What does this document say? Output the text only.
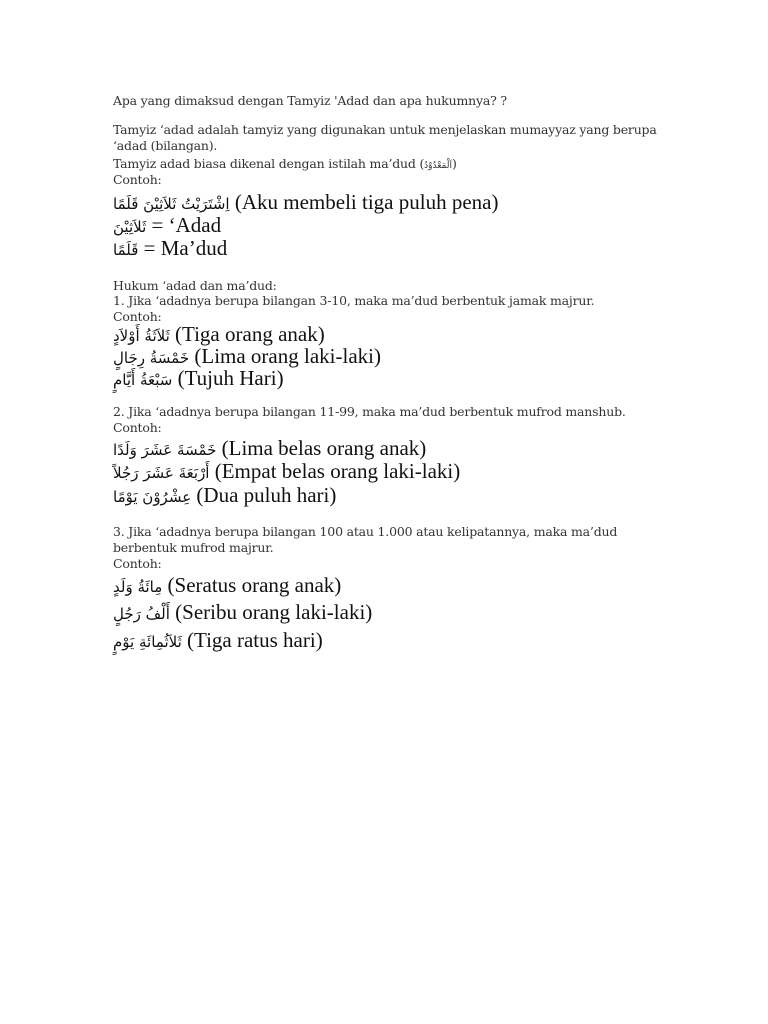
Apa yang dimaksud dengan Tamyiz 'Adad dan apa hukumnya? ?
Tamyiz ‘adad adalah tamyiz yang digunakan untuk menjelaskan mumayyaz yang berupa
‘adad (bilangan).
Tamyiz adad biasa dikenal dengan istilah ma’dud (اَلْمَعْدُوْدُ)
Contoh:
اِشْتَرَيْتُ ثَلاَثِيْنَ قَلَمًا (Aku membeli tiga puluh pena)
ثَلاَثِيْنَ = ‘Adad
قَلَمًا = Ma’dud
Hukum ‘adad dan ma’dud:
1. Jika ‘adadnya berupa bilangan 3-10, maka ma’dud berbentuk jamak majrur.
Contoh:
ثَلاَثَةُ أَوْلاَدٍ (Tiga orang anak)
خَمْسَةُ رِجَالٍ (Lima orang laki-laki)
سَبْعَةُ أَيَّامٍ (Tujuh Hari)
2. Jika ‘adadnya berupa bilangan 11-99, maka ma’dud berbentuk mufrod manshub.
Contoh:
خَمْسَةَ عَشَرَ وَلَدًا (Lima belas orang anak)
أَرْبَعَةَ عَشَرَ رَجُلاً (Empat belas orang laki-laki)
عِشْرُوْنَ يَوْمًا (Dua puluh hari)
3. Jika ‘adadnya berupa bilangan 100 atau 1.000 atau kelipatannya, maka ma’dud
berbentuk mufrod majrur.
Contoh:
مِائَةُ وَلَدٍ (Seratus orang anak)
أَلْفُ رَجُلٍ (Seribu orang laki-laki)
ثَلاَثُمِائَةِ يَوْمٍ (Tiga ratus hari)
